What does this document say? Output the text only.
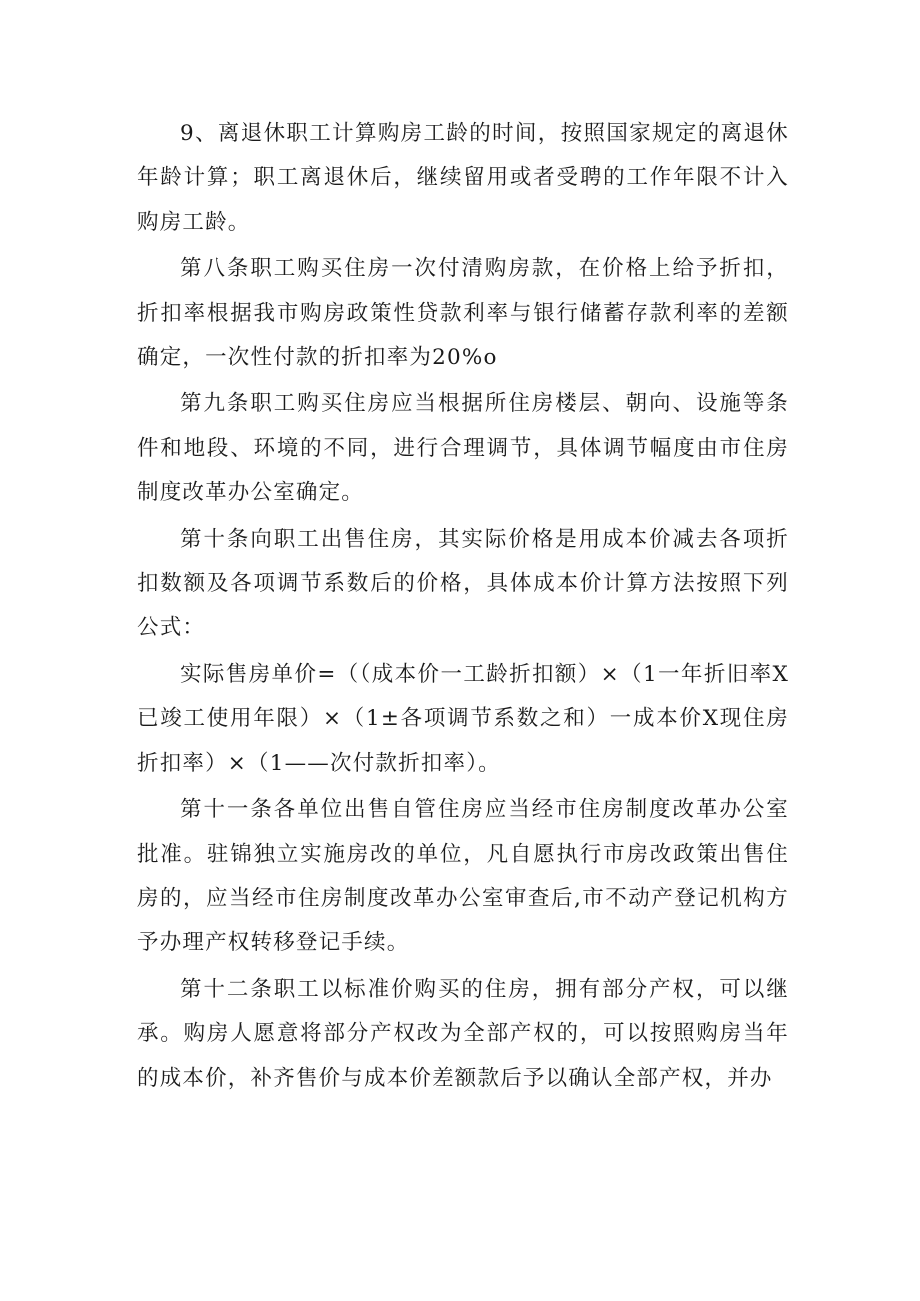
9、离退休职工计算购房工龄的时间，按照国家规定的离退休年龄计算；职工离退休后，继续留用或者受聘的工作年限不计入购房工龄。

第八条职工购买住房一次付清购房款，在价格上给予折扣，折扣率根据我市购房政策性贷款利率与银行储蓄存款利率的差额确定，一次性付款的折扣率为20%o

第九条职工购买住房应当根据所住房楼层、朝向、设施等条件和地段、环境的不同，进行合理调节，具体调节幅度由市住房制度改革办公室确定。

第十条向职工出售住房，其实际价格是用成本价减去各项折扣数额及各项调节系数后的价格，具体成本价计算方法按照下列公式：

实际售房单价=（（成本价一工龄折扣额）×（1一年折旧率X已竣工使用年限）×（1±各项调节系数之和）一成本价X现住房折扣率）×（1——次付款折扣率）。

第十一条各单位出售自管住房应当经市住房制度改革办公室批准。驻锦独立实施房改的单位，凡自愿执行市房改政策出售住房的，应当经市住房制度改革办公室审查后,市不动产登记机构方予办理产权转移登记手续。

第十二条职工以标准价购买的住房，拥有部分产权，可以继承。购房人愿意将部分产权改为全部产权的，可以按照购房当年的成本价，补齐售价与成本价差额款后予以确认全部产权，并办
